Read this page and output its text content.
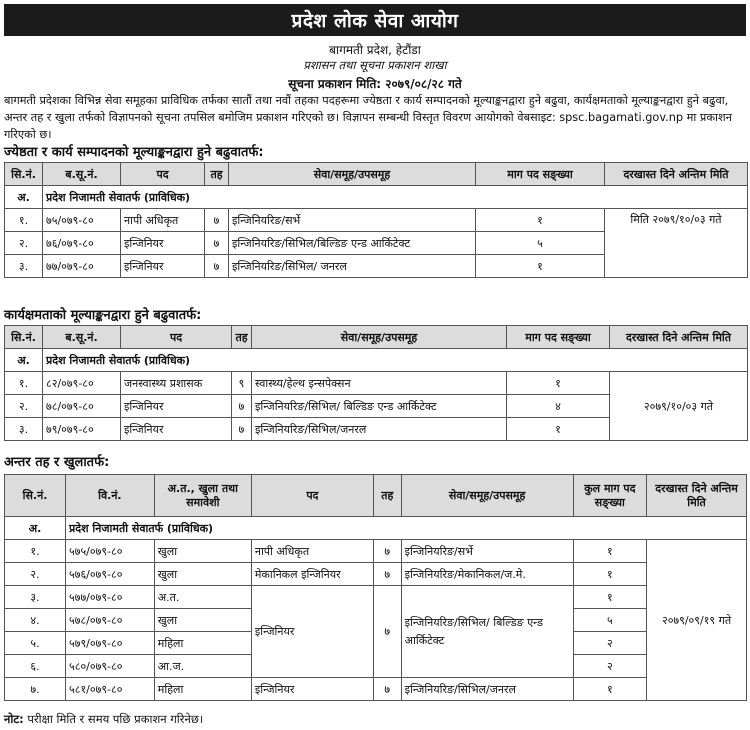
प्रदेश लोक सेवा आयोग
बागमती प्रदेश, हेटौंडा
प्रशासन तथा सूचना प्रकाशन शाखा
सूचना प्रकाशन मिति: २०७९/०८/२८ गते
बागमती प्रदेशका विभिन्न सेवा समूहका प्राविधिक तर्फका सातौं तथा नवौं तहका पदहरूमा ज्येष्ठता र कार्य सम्पादनको मूल्याङ्कनद्वारा हुने बढुवा, कार्यक्षमताको मूल्याङ्कनद्वारा हुने बढुवा, अन्तर तह र खुला तर्फको विज्ञापनको सूचना तपसिल बमोजिम प्रकाशन गरिएको छ। विज्ञापन सम्बन्धी विस्तृत विवरण आयोगको वेबसाइट: spsc.bagamati.gov.np मा प्रकाशन गरिएको छ।
ज्येष्ठता र कार्य सम्पादनको मूल्याङ्कनद्वारा हुने बढुवातर्फ:
सि.नं.	ब.सू.नं.	पद	तह	सेवा/समूह/उपसमूह	माग पद सङ्ख्या	दरखास्त दिने अन्तिम मिति
अ.	प्रदेश निजामती सेवातर्फ (प्राविधिक)					
१.	७५/०७९-८०	नापी अधिकृत	७	इन्जिनियरिङ/सर्भे	१	मिति २०७९/१०/०३ गते
२.	७६/०७९-८०	इन्जिनियर	७	इन्जिनियरिङ/सिभिल/बिल्डिङ एन्ड आर्किटेक्ट	५	
३.	७७/०७९-८०	इन्जिनियर	७	इन्जिनियरिङ/सिभिल/ जनरल	१	
कार्यक्षमताको मूल्याङ्कनद्वारा हुने बढुवातर्फ:
सि.नं.	ब.सू.नं.	पद	तह	सेवा/समूह/उपसमूह	माग पद सङ्ख्या	दरखास्त दिने अन्तिम मिति
अ.	प्रदेश निजामती सेवातर्फ (प्राविधिक)					
१.	८२/०७९-८०	जनस्वास्थ्य प्रशासक	९	स्वास्थ्य/हेल्थ इन्सपेक्सन	१	२०७९/१०/०३ गते
२.	७८/०७९-८०	इन्जिनियर	७	इन्जिनियरिङ/सिभिल/ बिल्डिङ एन्ड आर्किटेक्ट	४	
३.	७९/०७९-८०	इन्जिनियर	७	इन्जिनियरिङ/सिभिल/जनरल	१	
अन्तर तह र खुलातर्फ:
सि.नं.	वि.नं.	अ.त., खुला तथा समावेशी	पद	तह	सेवा/समूह/उपसमूह	कुल माग पद सङ्ख्या	दरखास्त दिने अन्तिम मिति
अ.	प्रदेश निजामती सेवातर्फ (प्राविधिक)						
१.	५७५/०७९-८०	खुला	नापी अधिकृत	७	इन्जिनियरिङ/सर्भे	१	२०७९/०९/१९ गते
२.	५७६/०७९-८०	खुला	मेकानिकल इन्जिनियर	७	इन्जिनियरिङ/मेकानिकल/ज.मे.	१	
३.	५७७/०७९-८०	अ.त.	इन्जिनियर	७	इन्जिनियरिङ/सिभिल/ बिल्डिङ एन्ड आर्किटेक्ट	१	
४.	५७८/०७९-८०	खुला				५	
५.	५७९/०७९-८०	महिला				२	
६.	५८०/०७९-८०	आ.ज.				२	
७.	५८१/०७९-८०	महिला	इन्जिनियर	७	इन्जिनियरिङ/सिभिल/जनरल	१	
नोट: परीक्षा मिति र समय पछि प्रकाशन गरिनेछ।
